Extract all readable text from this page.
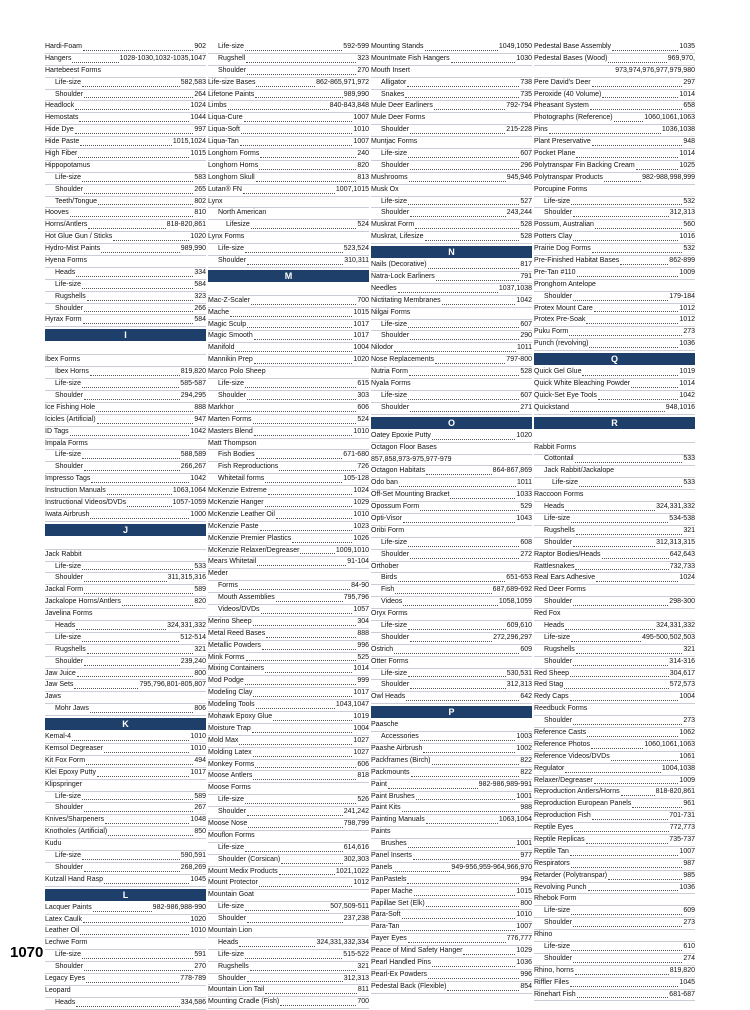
Hardi-Foam	902
Hangers	1028-1030,1032-1035,1047
Hartebeest Forms
Life-size	582,583
Shoulder	264
Headlock	1024
Hemostats	1044
Hide Dye	997
Hide Paste	1015,1024
High Fiber	1015
Hippopotamus
Life-size	583
Shoulder	265
Teeth/Tongue	802
Hooves	810
Horns/Antlers	818-820,861
Hot Glue Gun / Sticks	1020
Hydro-Mist Paints	989,990
Hyena Forms
Heads	334
Life-size	584
Rugshells	323
Shoulder	266
Hyrax Form	584
I
Ibex Forms
Ibex Horns	819,820
Life-size	585-587
Shoulder	294,295
Ice Fishing Hole	888
Icicles (Artificial)	947
ID Tags	1042
Impala Forms
Life-size	588,589
Shoulder	266,267
Impresso Tags	1042
Instruction Manuals	1063,1064
Instructional Videos/DVDs	1057-1059
Iwata Airbrush	1000
J
Jack Rabbit
Life-size	533
Shoulder	311,315,316
Jackal Form	589
Jackalope Horns/Antlers	820
Javelina Forms
Heads	324,331,332
Life-size	512-514
Rugshells	321
Shoulder	239,240
Jaw Juice	800
Jaw Sets	795,796,801-805,807
Jaws
Mohr Jaws	806
K
Kemal-4	1010
Kemsol Degreaser	1010
Kit Fox Form	494
Klei Epoxy Putty	1017
Klipspringer
Life-size	589
Shoulder	267
Knives/Sharpeners	1048
Knotholes (Artificial)	850
Kudu
Life-size	590,591
Shoulder	268,269
Kutzall Hand Rasp	1045
L
Lacquer Paints	982-986,988-990
Latex Caulk	1020
Leather Oil	1010
Lechwe Form
Life-size	591
Shoulder	270
Legacy Eyes	778-789
Leopard
Heads	334,586
Life-size	592-599
Rugshell	323
Shoulder	270
Life-size Bases	862-865,971,972
Lifetone Paints	989,990
Limbs	840-843,848
Liqua-Cure	1007
Liqua-Soft	1010
Liqua-Tan	1007
Longhorn Forms	240
Longhorn Horns	820
Longhorn Skull	813
Lutan® FN	1007,1015
Lynx
North American
Lifesize	524
Lynx Forms
Life-size	523,524
Shoulder	310,311
M
Mac-Z-Scaler	700
Mache	1015
Magic Sculp	1017
Magic Smooth	1017
Manifold	1004
Mannikin Prep	1020
Marco Polo Sheep
Life-size	615
Shoulder	303
Markhor	606
Marten Forms	524
Masters Blend	1010
Matt Thompson
Fish Bodies	671-680
Fish Reproductions	726
Whitetail forms	105-128
McKenzie Extreme	1024
McKenzie Hanger	1029
McKenzie Leather Oil	1010
McKenzie Paste	1023
McKenzie Premier Plastics	1026
McKenzie Relaxer/Degreaser	1009,1010
Mears Whitetail	91-104
Meder
Forms	84-90
Mouth Assemblies	795,796
Videos/DVDs	1057
Merino Sheep	304
Metal Reed Bases	888
Metallic Powders	996
Mink Forms	525
Mixing Containers	1014
Mod Podge	999
Modeling Clay	1017
Modeling Tools	1043,1047
Mohawk Epoxy Glue	1019
Moisture Trap	1004
Mold Max	1027
Molding Latex	1027
Monkey Forms	606
Moose Antlers	818
Moose Forms
Life-size	526
Shoulder	241,242
Moose Nose	798,799
Mouflon Forms
Life-size	614,616
Shoulder (Corsican)	302,303
Mount Medix Products	1021,1022
Mount Protector	1012
Mountain Goat
Life-size	507,509-511
Shoulder	237,238
Mountain Lion
Heads	324,331,332,334
Life-size	515-522
Rugshells	321
Shoulder	312,313
Mountain Lion Tail	811
Mounting Cradle (Fish)	700
Mounting Stands	1049,1050
Mountmate Fish Hangers	1030
Mouth Insert
Alligator	738
Snakes	735
Mule Deer Earliners	792-794
Mule Deer Forms
Shoulder	215-228
Muntjac Forms
Life-size	607
Shoulder	296
Mushrooms	945,946
Musk Ox
Life-size	527
Shoulder	243,244
Muskrat Form	528
Muskrat, Lifesize	528
N
Nails (Decorative)	817
Natra-Lock Earliners	791
Needles	1037,1038
Nictitating Membranes	1042
Nilgai Forms
Life-size	607
Shoulder	290
Nilodor	1011
Nose Replacements	797-800
Nutria Form	528
Nyala Forms
Life-size	607
Shoulder	271
O
Oatey Epoxie Putty	1020
Octagon Floor Bases
857,858,973-975,977-979
Octagon Habitats	864-867,869
Odo ban	1011
Off-Set Mounting Bracket	1033
Opossum Form	529
Opti-Visor	1043
Oribi Form
Life-size	608
Shoulder	272
Orthober
Birds	651-653
Fish	687,689-692
Videos	1058,1059
Oryx Forms
Life-size	609,610
Shoulder	272,296,297
Ostrich	609
Otter Forms
Life-size	530,531
Shoulder	312,313
Owl Heads	642
P
Paasche
Accessories	1003
Paashe Airbrush	1002
Packframes (Birch)	822
Packmounts	822
Paint	982-986,989-991
Paint Brushes	1001
Paint Kits	988
Painting Manuals	1063,1064
Paints
Brushes	1001
Panel Inserts	977
Panels	949-956,959-964,966,970
PanPastels	994
Paper Mache	1015
Papillae Set (Elk)	800
Para-Soft	1010
Para-Tan	1007
Payer Eyes	776,777
Peace of Mind Safety Hanger	1029
Pearl Handled Pins	1036
Pearl-Ex Powders	996
Pedestal Back (Flexible)	854
Pedestal Base Assembly	1035
Pedestal Bases (Wood)	969,970,
973,974,976,977,979,980
Pere David's Deer	297
Peroxide (40 Volume)	1014
Pheasant System	658
Photographs (Reference)	1060,1061,1063
Pins	1036,1038
Plant Preservative	948
Pocket Plane	1014
Polytranspar Fin Backing Cream	1025
Polytranspar Products	982-988,998,999
Porcupine Forms
Life-size	532
Shoulder	312,313
Possum, Australian	560
Potters Clay	1016
Prairie Dog Forms	532
Pre-Finished Habitat Bases	862-899
Pre-Tan #110	1009
Pronghorn Antelope
Shoulder	179-184
Protex Mount Care	1012
Protex Pre-Soak	1012
Puku Form	273
Punch (revolving)	1036
Q
Quick Gel Glue	1019
Quick White Bleaching Powder	1014
Quick-Set Eye Tools	1042
Quickstand	948,1016
R
Rabbit Forms
Cottontail	533
Jack Rabbit/Jackalope
Life-size	533
Raccoon Forms
Heads	324,331,332
Life-size	534-538
Rugshells	321
Shoulder	312,313,315
Raptor Bodies/Heads	642,643
Rattlesnakes	732,733
Real Ears Adhesive	1024
Red Deer Forms
Shoulder	298-300
Red Fox
Heads	324,331,332
Life-size	495-500,502,503
Rugshells	321
Shoulder	314-316
Red Sheep	304,617
Red Stag	572,573
Redy Caps	1004
Reedbuck Forms
Shoulder	273
Reference Casts	1062
Reference Photos	1060,1061,1063
Reference Videos/DVDs	1061
Regulator	1004,1038
Relaxer/Degreaser	1009
Reproduction Antlers/Horns	818-820,861
Reproduction European Panels	961
Reproduction Fish	701-731
Reptile Eyes	772,773
Reptile Replicas	735-737
Reptile Tan	1007
Respirators	987
Retarder (Polytranspar)	985
Revolving Punch	1036
Rhebok Form
Life-size	609
Shoulder	273
Rhino
Life-size	610
Shoulder	274
Rhino, horns	819,820
Riffler Files	1045
Rinehart Fish	681-687
1070
